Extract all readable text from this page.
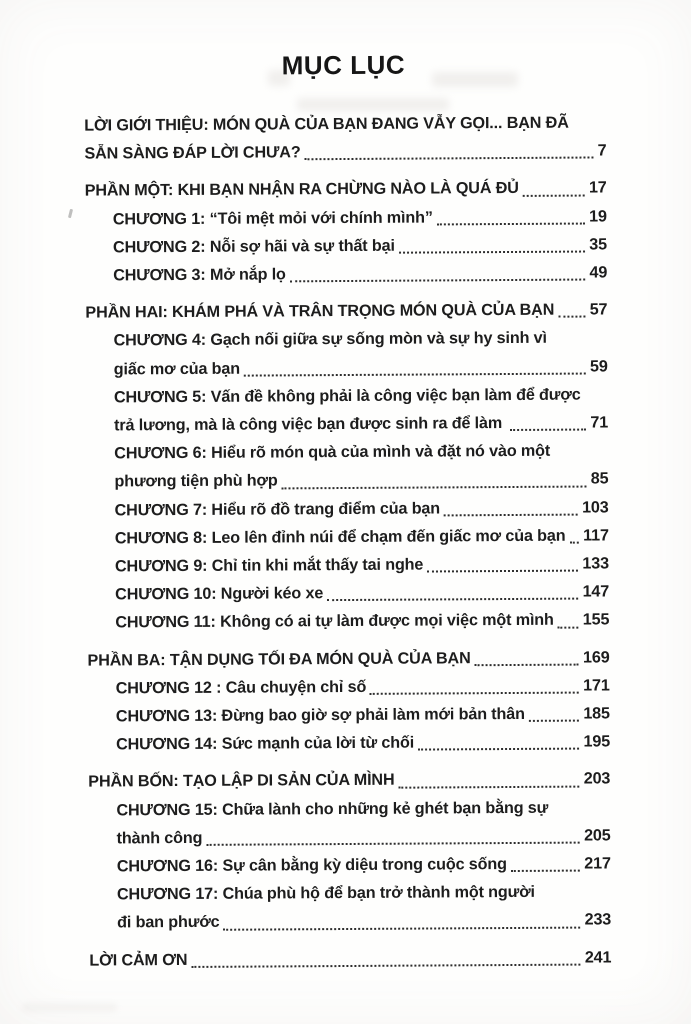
MỤC LỤC
LỜI GIỚI THIỆU: MÓN QUÀ CỦA BẠN ĐANG VẪY GỌI... BẠN ĐÃ
SẴN SÀNG ĐÁP LỜI CHƯA?	7
PHẦN MỘT: KHI BẠN NHẬN RA CHỪNG NÀO LÀ QUÁ ĐỦ	17
CHƯƠNG 1: “Tôi mệt mỏi với chính mình”	19
CHƯƠNG 2: Nỗi sợ hãi và sự thất bại	35
CHƯƠNG 3: Mở nắp lọ	49
PHẦN HAI: KHÁM PHÁ VÀ TRÂN TRỌNG MÓN QUÀ CỦA BẠN 57
CHƯƠNG 4: Gạch nối giữa sự sống mòn và sự hy sinh vì
giấc mơ của bạn	59
CHƯƠNG 5: Vấn đề không phải là công việc bạn làm để được
trả lương, mà là công việc bạn được sinh ra để làm	71
CHƯƠNG 6: Hiểu rõ món quà của mình và đặt nó vào một
phương tiện phù hợp	85
CHƯƠNG 7: Hiểu rõ đồ trang điểm của bạn	103
CHƯƠNG 8: Leo lên đỉnh núi để chạm đến giấc mơ của bạn 117
CHƯƠNG 9: Chỉ tin khi mắt thấy tai nghe	133
CHƯƠNG 10: Người kéo xe	147
CHƯƠNG 11: Không có ai tự làm được mọi việc một mình 155
PHẦN BA: TẬN DỤNG TỐI ĐA MÓN QUÀ CỦA BẠN	169
CHƯƠNG 12 : Câu chuyện chỉ số	171
CHƯƠNG 13: Đừng bao giờ sợ phải làm mới bản thân	185
CHƯƠNG 14: Sức mạnh của lời từ chối	195
PHẦN BỐN: TẠO LẬP DI SẢN CỦA MÌNH	203
CHƯƠNG 15: Chữa lành cho những kẻ ghét bạn bằng sự
thành công	205
CHƯƠNG 16: Sự cân bằng kỳ diệu trong cuộc sống	217
CHƯƠNG 17: Chúa phù hộ để bạn trở thành một người
đi ban phước	233
LỜI CẢM ƠN	241
